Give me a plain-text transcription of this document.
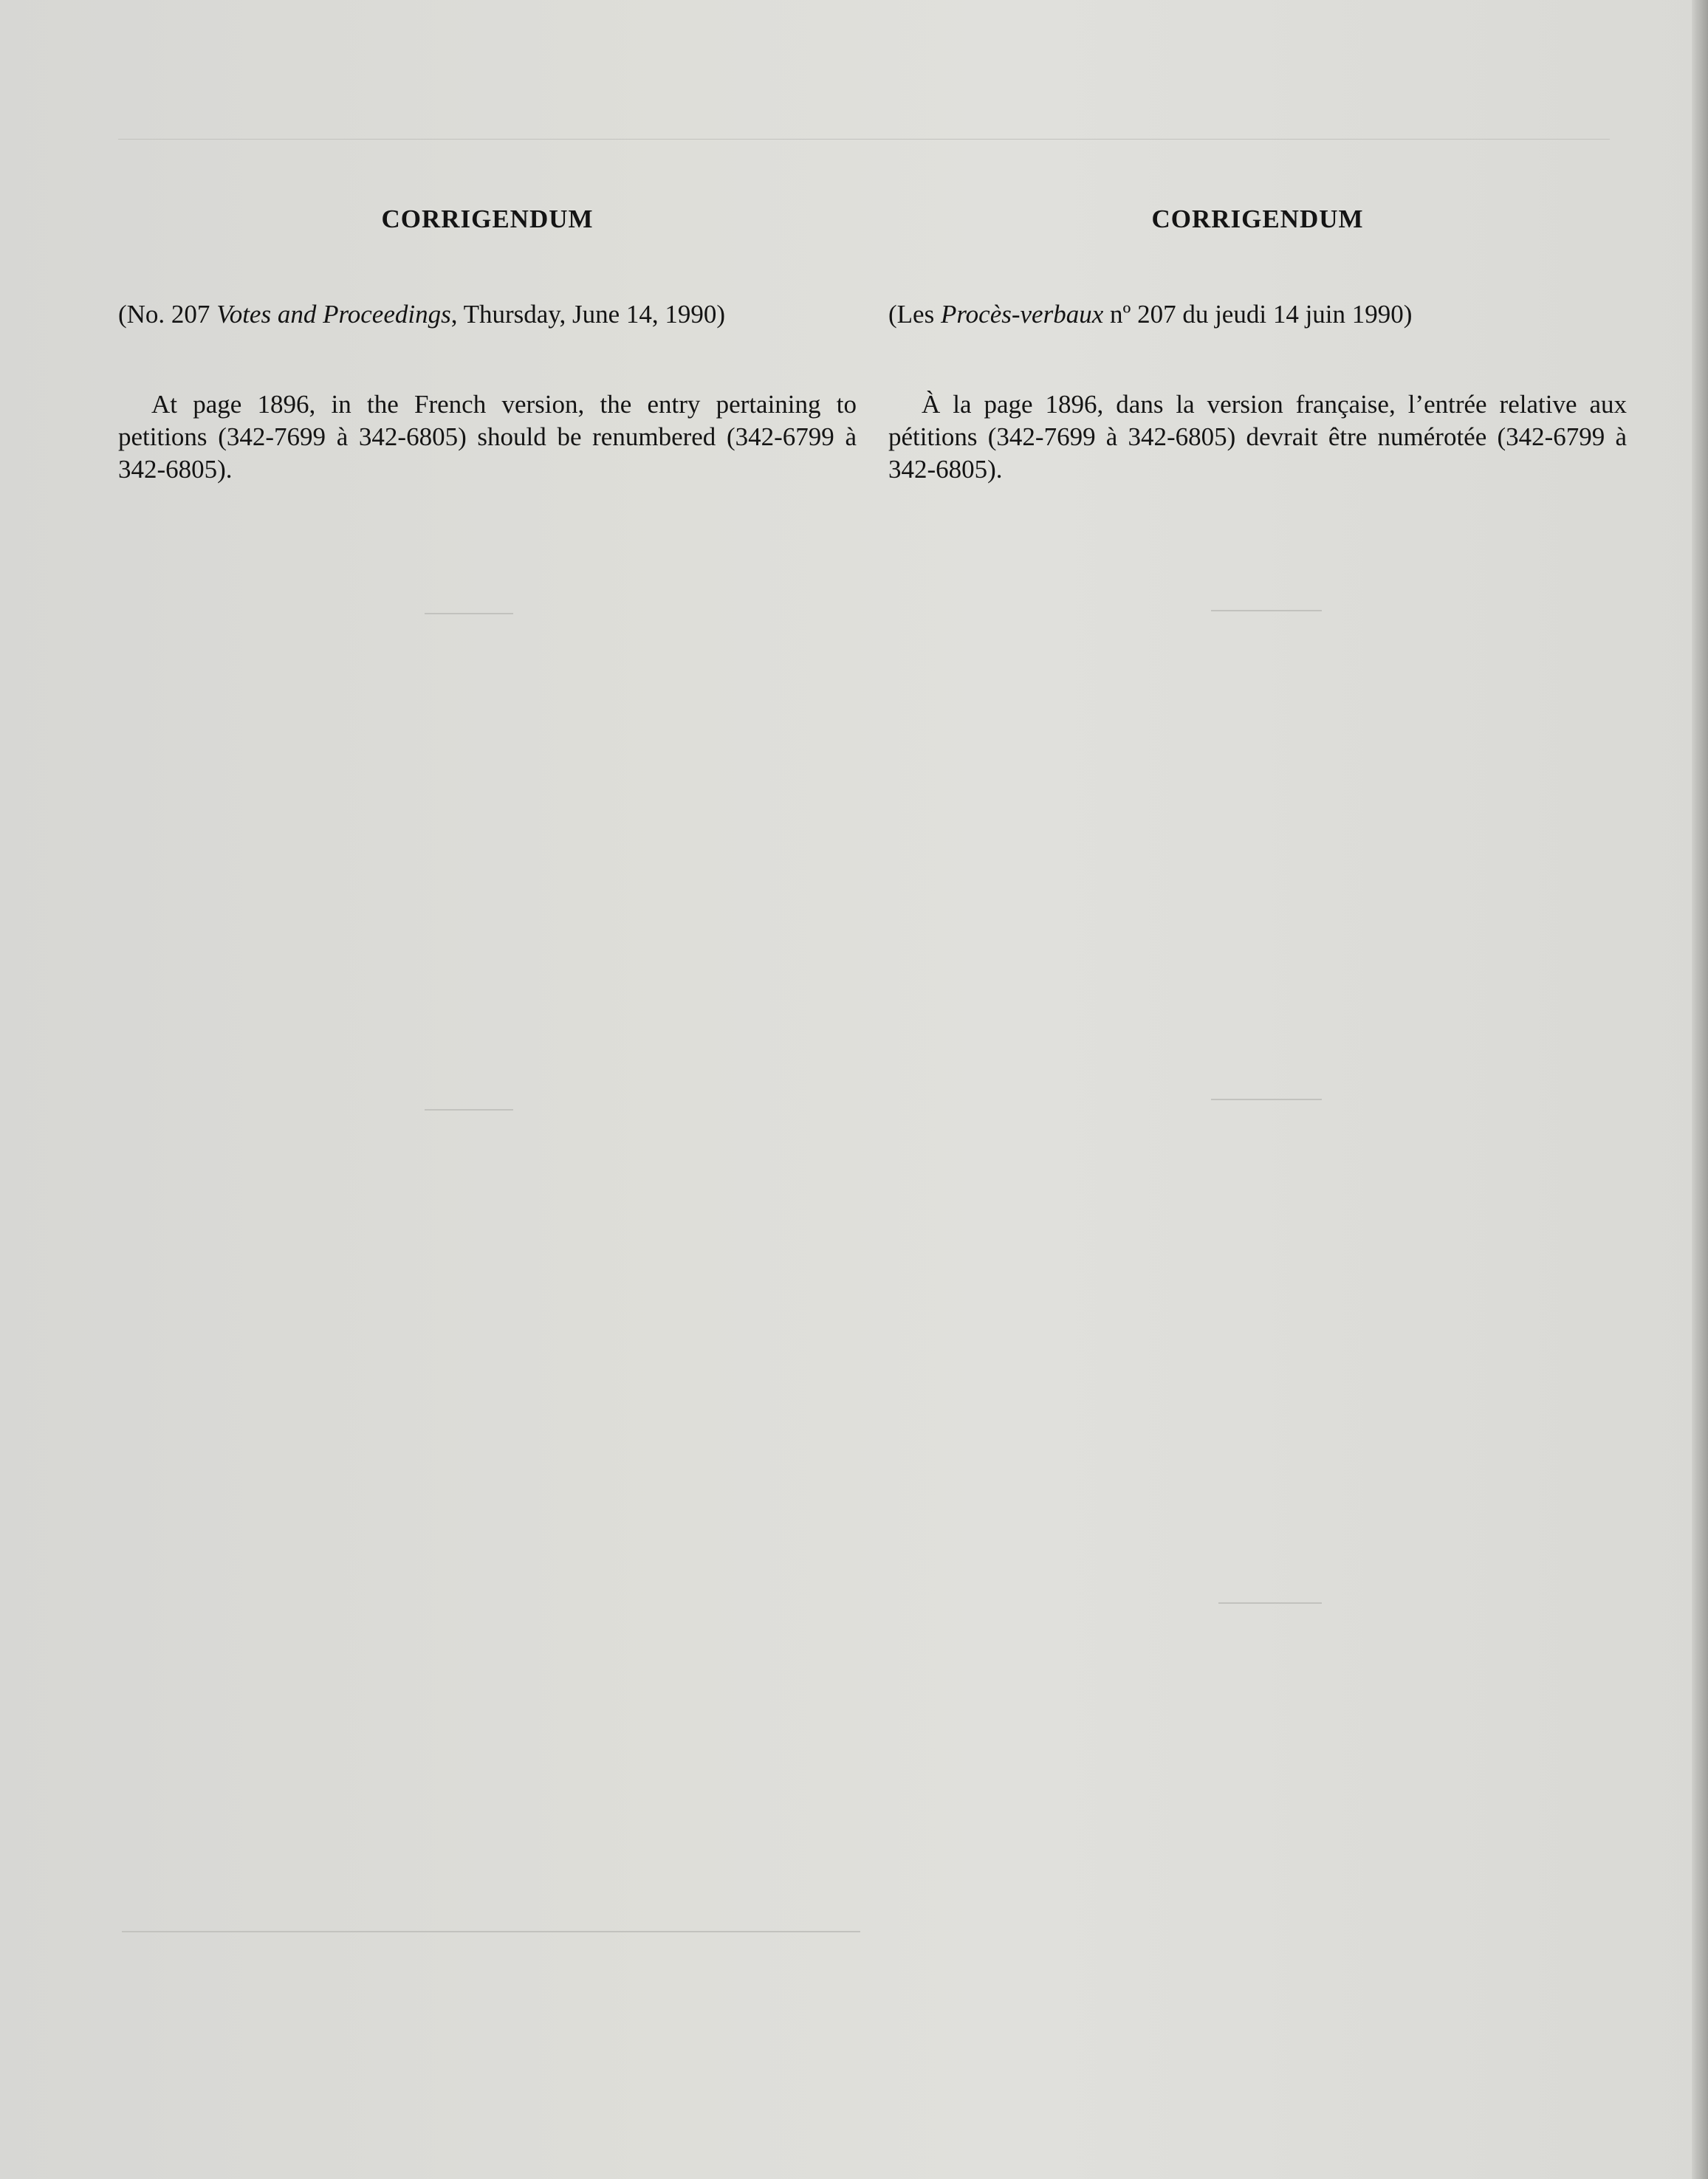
CORRIGENDUM

(No. 207 Votes and Proceedings, Thursday, June 14, 1990)

At page 1896, in the French version, the entry pertaining to petitions (342-7699 à 342-6805) should be renumbered (342-6799 à 342-6805).

CORRIGENDUM

(Les Procès-verbaux nº 207 du jeudi 14 juin 1990)

À la page 1896, dans la version française, l’entrée relative aux pétitions (342-7699 à 342-6805) devrait être numérotée (342-6799 à 342-6805).
